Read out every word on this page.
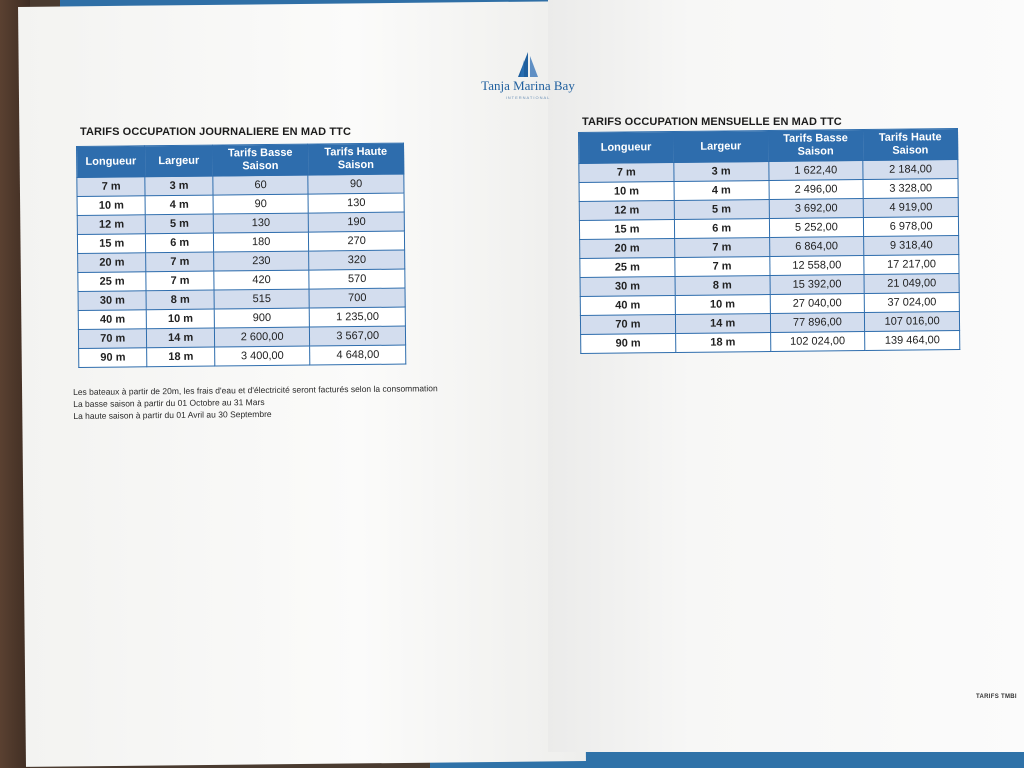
Tanja Marina Bay
INTERNATIONAL
TARIFS OCCUPATION JOURNALIERE EN MAD TTC
Longueur	Largeur	Tarifs Basse Saison	Tarifs Haute Saison
7 m	3 m	60	90
10 m	4 m	90	130
12 m	5 m	130	190
15 m	6 m	180	270
20 m	7 m	230	320
25 m	7 m	420	570
30 m	8 m	515	700
40 m	10 m	900	1 235,00
70 m	14 m	2 600,00	3 567,00
90 m	18 m	3 400,00	4 648,00
Les bateaux à partir de 20m, les frais d'eau et d'électricité seront facturés selon la consommation
La basse saison à partir du 01 Octobre au 31 Mars
La haute saison à partir du 01 Avril au 30 Septembre
TARIFS OCCUPATION MENSUELLE EN MAD TTC
Longueur	Largeur	Tarifs Basse Saison	Tarifs Haute Saison
7 m	3 m	1 622,40	2 184,00
10 m	4 m	2 496,00	3 328,00
12 m	5 m	3 692,00	4 919,00
15 m	6 m	5 252,00	6 978,00
20 m	7 m	6 864,00	9 318,40
25 m	7 m	12 558,00	17 217,00
30 m	8 m	15 392,00	21 049,00
40 m	10 m	27 040,00	37 024,00
70 m	14 m	77 896,00	107 016,00
90 m	18 m	102 024,00	139 464,00
TARIFS TMBI
